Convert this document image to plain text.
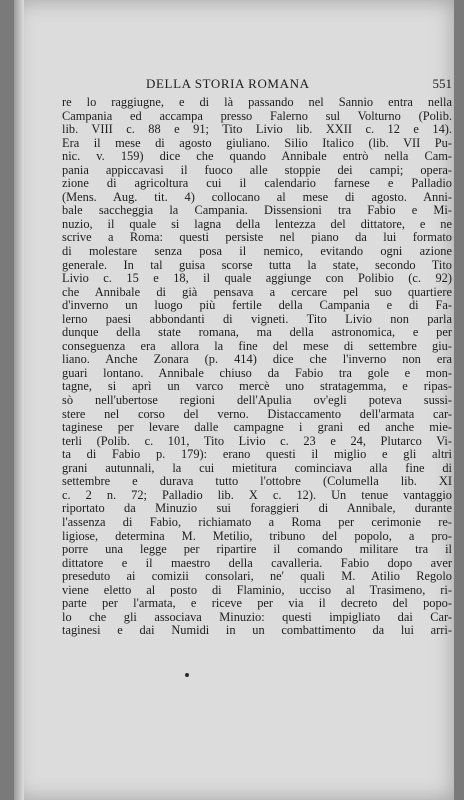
DELLA STORIA ROMANA	551
re lo raggiugne, e di là passando nel Sannio entra nella
Campania ed accampa presso Falerno sul Volturno (Polib.
lib. VIII c. 88 e 91; Tito Livio lib. XXII c. 12 e 14).
Era il mese di agosto giuliano. Silio Italico (lib. VII Pu-
nic. v. 159) dice che quando Annibale entrò nella Cam-
pania appiccavasi il fuoco alle stoppie dei campi; opera-
zione di agricoltura cui il calendario farnese e Palladio
(Mens. Aug. tit. 4) collocano al mese di agosto. Anni-
bale saccheggia la Campania. Dissensioni tra Fabio e Mi-
nuzio, il quale si lagna della lentezza del dittatore, e ne
scrive a Roma: questi persiste nel piano da lui formato
di molestare senza posa il nemico, evitando ogni azione
generale. In tal guisa scorse tutta la state, secondo Tito
Livio c. 15 e 18, il quale aggiunge con Polibio (c. 92)
che Annibale di già pensava a cercare pel suo quartiere
d'inverno un luogo più fertile della Campania e di Fa-
lerno paesi abbondanti di vigneti. Tito Livio non parla
dunque della state romana, ma della astronomica, e per
conseguenza era allora la fine del mese di settembre giu-
liano. Anche Zonara (p. 414) dice che l'inverno non era
guari lontano. Annibale chiuso da Fabio tra gole e mon-
tagne, si aprì un varco mercè uno stratagemma, e ripas-
sò nell'ubertose regioni dell'Apulia ov'egli poteva sussi-
stere nel corso del verno. Distaccamento dell'armata car-
taginese per levare dalle campagne i grani ed anche mie-
terli (Polib. c. 101, Tito Livio c. 23 e 24, Plutarco Vi-
ta di Fabio p. 179): erano questi il miglio e gli altri
grani autunnali, la cui mietitura cominciava alla fine di
settembre e durava tutto l'ottobre (Columella lib. XI
c. 2 n. 72; Palladio lib. X c. 12). Un tenue vantaggio
riportato da Minuzio sui foraggieri di Annibale, durante
l'assenza di Fabio, richiamato a Roma per cerimonie re-
ligiose, determina M. Metilio, tribuno del popolo, a pro-
porre una legge per ripartire il comando militare tra il
dittatore e il maestro della cavalleria. Fabio dopo aver
preseduto ai comizii consolari, ne' quali M. Atilio Regolo
viene eletto al posto di Flaminio, ucciso al Trasimeno, ri-
parte per l'armata, e riceve per via il decreto del popo-
lo che gli associava Minuzio: questi impigliato dai Car-
taginesi e dai Numidi in un combattimento da lui arri-
